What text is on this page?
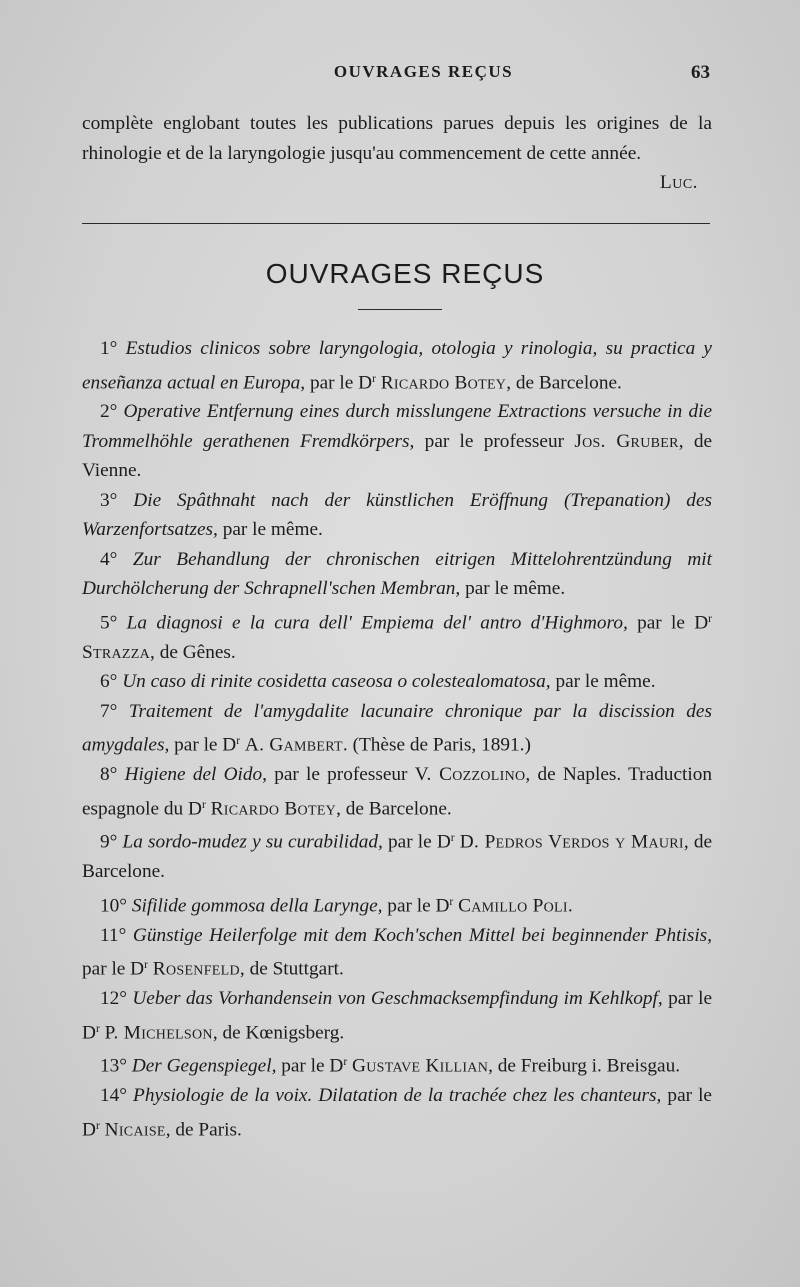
OUVRAGES REÇUS	63

complète englobant toutes les publications parues depuis les origines de la rhinologie et de la laryngologie jusqu'au commencement de cette année.

Luc.
OUVRAGES REÇUS
1° Estudios clinicos sobre laryngologia, otologia y rinologia, su practica y enseñanza actual en Europa, par le $D^r$ Ricardo Botey, de Barcelone.
2° Operative Entfernung eines durch misslungene Extractions versuche in die Trommelhöhle gerathenen Fremdkörpers, par le professeur Jos. Gruber, de Vienne.
3° Die Spâthnaht nach der künstlichen Eröffnung (Trepanation) des Warzenfortsatzes, par le même.
4° Zur Behandlung der chronischen eitrigen Mittelohrentzündung mit Durchölcherung der Schrapnell'schen Membran, par le même.
5° La diagnosi e la cura dell' Empiema del' antro d'Highmoro, par le $D^r$ Strazza, de Gênes.
6° Un caso di rinite cosidetta caseosa o colestealomatosa, par le même.
7° Traitement de l'amygdalite lacunaire chronique par la discission des amygdales, par le $D^r$ A. Gambert. (Thèse de Paris, 1891.)
8° Higiene del Oido, par le professeur V. Cozzolino, de Naples. Traduction espagnole du $D^r$ Ricardo Botey, de Barcelone.
9° La sordo-mudez y su curabilidad, par le $D^r$ D. Pedros Verdos y Mauri, de Barcelone.
10° Sifilide gommosa della Larynge, par le $D^r$ Camillo Poli.
11° Günstige Heilerfolge mit dem Koch'schen Mittel bei beginnender Phtisis, par le $D^r$ Rosenfeld, de Stuttgart.
12° Ueber das Vorhandensein von Geschmacksempfindung im Kehlkopf, par le $D^r$ P. Michelson, de Kœnigsberg.
13° Der Gegenspiegel, par le $D^r$ Gustave Killian, de Freiburg i. Breisgau.
14° Physiologie de la voix. Dilatation de la trachée chez les chanteurs, par le $D^r$ Nicaise, de Paris.
